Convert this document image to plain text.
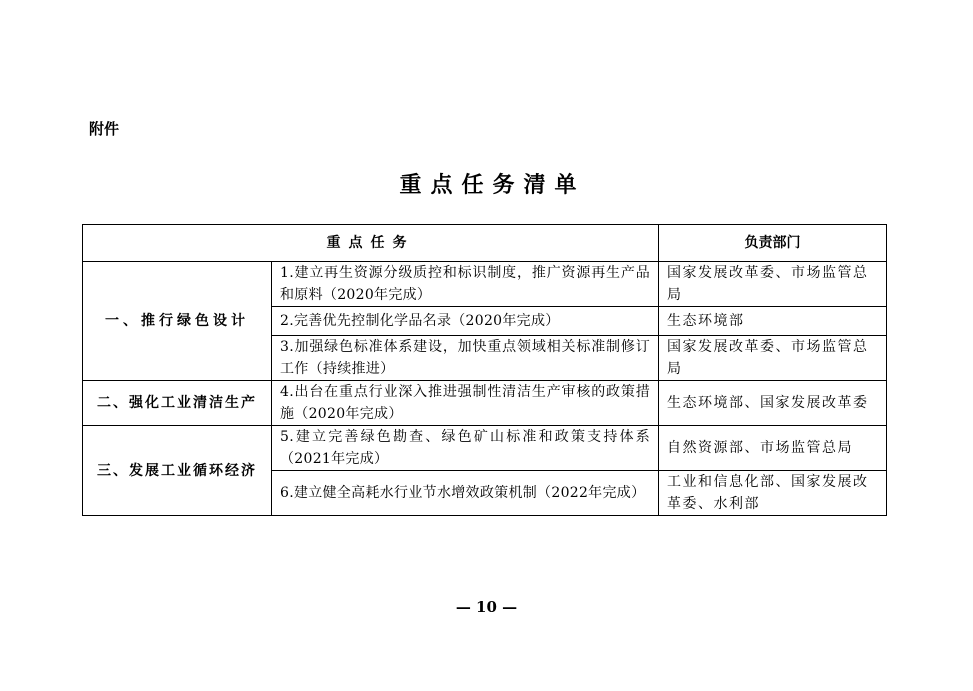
附件
重点任务清单
重点任务		负责部门
一、推行绿色设计	1.建立再生资源分级质控和标识制度，推广资源再生产品和原料（2020年完成）	国家发展改革委、市场监管总局
	2.完善优先控制化学品名录（2020年完成）	生态环境部
	3.加强绿色标准体系建设，加快重点领域相关标准制修订工作（持续推进）	国家发展改革委、市场监管总局
二、强化工业清洁生产	4.出台在重点行业深入推进强制性清洁生产审核的政策措施（2020年完成）	生态环境部、国家发展改革委
三、发展工业循环经济	5.建立完善绿色勘查、绿色矿山标准和政策支持体系（2021年完成）	自然资源部、市场监管总局
	6.建立健全高耗水行业节水增效政策机制（2022年完成）	工业和信息化部、国家发展改革委、水利部
— 10 —
